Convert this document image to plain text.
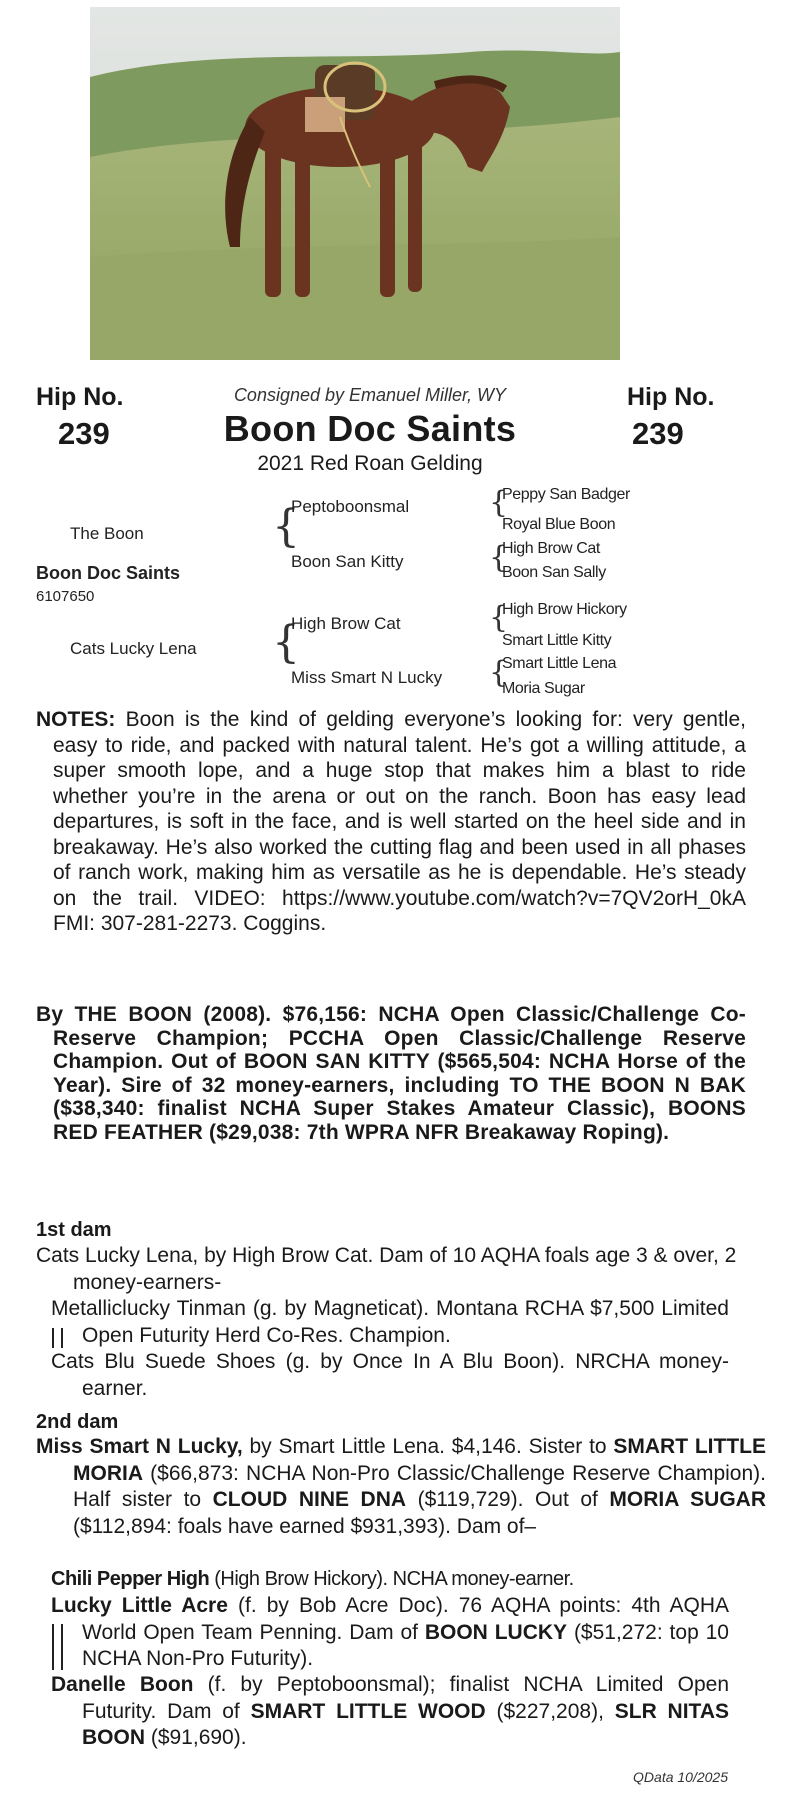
Hip No.
239
Hip No.
239
Consigned by Emanuel Miller, WY
Boon Doc Saints
2021 Red Roan Gelding
The Boon
Boon Doc Saints
6107650
Cats Lucky Lena
{
Peptoboonsmal
Boon San Kitty
{
High Brow Cat
Miss Smart N Lucky
{
Peppy San Badger
Royal Blue Boon
{
High Brow Cat
Boon San Sally
{
High Brow Hickory
Smart Little Kitty
{
Smart Little Lena
Moria Sugar
NOTES: Boon is the kind of gelding everyone’s looking for: very gentle, easy to ride, and packed with natural talent. He’s got a willing attitude, a super smooth lope, and a huge stop that makes him a blast to ride whether you’re in the arena or out on the ranch. Boon has easy lead departures, is soft in the face, and is well started on the heel side and in breakaway. He’s also worked the cutting flag and been used in all phases of ranch work, making him as versatile as he is dependable. He’s steady on the trail. VIDEO: https://www.youtube.com/watch?v=7QV2orH_0kA FMI: 307-281-2273. Coggins.
By THE BOON (2008). $76,156: NCHA Open Classic/Challenge Co-Reserve Champion; PCCHA Open Classic/Challenge Reserve Champion. Out of BOON SAN KITTY ($565,504: NCHA Horse of the Year). Sire of 32 money-earners, including TO THE BOON N BAK ($38,340: finalist NCHA Super Stakes Amateur Classic), BOONS RED FEATHER ($29,038: 7th WPRA NFR Breakaway Roping).
1st dam
Cats Lucky Lena, by High Brow Cat. Dam of 10 AQHA foals age 3 & over, 2 money-earners-
Metalliclucky Tinman (g. by Magneticat). Montana RCHA $7,500 Limited Open Futurity Herd Co-Res. Champion.
Cats Blu Suede Shoes (g. by Once In A Blu Boon). NRCHA money-earner.
2nd dam
Miss Smart N Lucky, by Smart Little Lena. $4,146. Sister to SMART LITTLE MORIA ($66,873: NCHA Non-Pro Classic/Challenge Reserve Champion). Half sister to CLOUD NINE DNA ($119,729). Out of MORIA SUGAR ($112,894: foals have earned $931,393). Dam of–
Chili Pepper High (High Brow Hickory). NCHA money-earner.
Lucky Little Acre (f. by Bob Acre Doc). 76 AQHA points: 4th AQHA World Open Team Penning. Dam of BOON LUCKY ($51,272: top 10 NCHA Non-Pro Futurity).
Danelle Boon (f. by Peptoboonsmal); finalist NCHA Limited Open Futurity. Dam of SMART LITTLE WOOD ($227,208), SLR NITAS BOON ($91,690).
QData 10/2025
